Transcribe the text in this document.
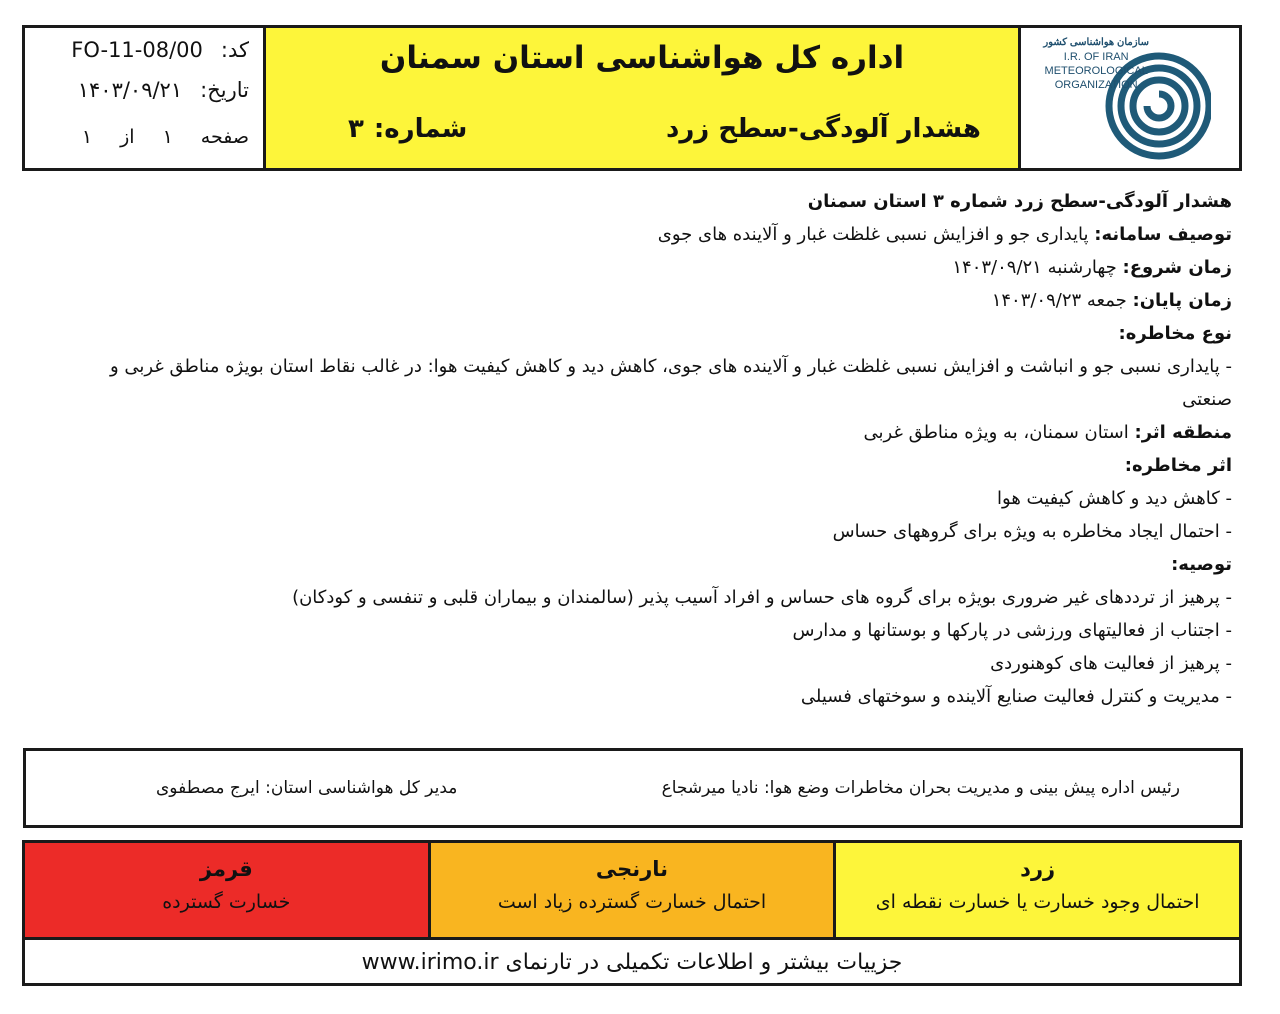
کد:
FO-11-08/00
تاریخ:
۱۴۰۳/۰۹/۲۱
صفحه
۱
از
۱
اداره کل هواشناسی استان سمنان
هشدار آلودگی-سطح زرد
شماره:
۳
سازمان هواشناسی کشور
I.R. OF IRAN
METEOROLOGICAL
ORGANIZATION

هشدار آلودگی-سطح زرد شماره ۳ استان سمنان

توصیف سامانه: پایداری جو و افزایش نسبی غلظت غبار و آلاینده های جوی

زمان شروع: چهارشنبه ۱۴۰۳/۰۹/۲۱

زمان پایان: جمعه ۱۴۰۳/۰۹/۲۳

نوع مخاطره:

- پایداری نسبی جو و انباشت و افزایش نسبی غلظت غبار و آلاینده های جوی، کاهش دید و کاهش کیفیت هوا: در غالب نقاط استان بویژه مناطق غربی و

صنعتی

منطقه اثر: استان سمنان، به ویژه مناطق غربی

اثر مخاطره:

- کاهش دید و کاهش کیفیت هوا

- احتمال ایجاد مخاطره به ویژه برای گروههای حساس

توصیه:

- پرهیز از ترددهای غیر ضروری بویژه برای گروه های حساس و افراد آسیب پذیر (سالمندان و بیماران قلبی و تنفسی و کودکان)

- اجتناب از فعالیتهای ورزشی در پارکها و بوستانها و مدارس

- پرهیز از فعالیت های کوهنوردی

- مدیریت و کنترل فعالیت صنایع آلاینده و سوختهای فسیلی

رئیس اداره پیش بینی و مدیریت بحران مخاطرات وضع هوا: نادیا میرشجاع
مدیر کل هواشناسی استان: ایرج مصطفوی
زرد
احتمال وجود خسارت یا خسارت نقطه ای
نارنجی
احتمال خسارت گسترده زیاد است
قرمز
خسارت گسترده
جزییات بیشتر و اطلاعات تکمیلی در تارنمای www.irimo.ir
